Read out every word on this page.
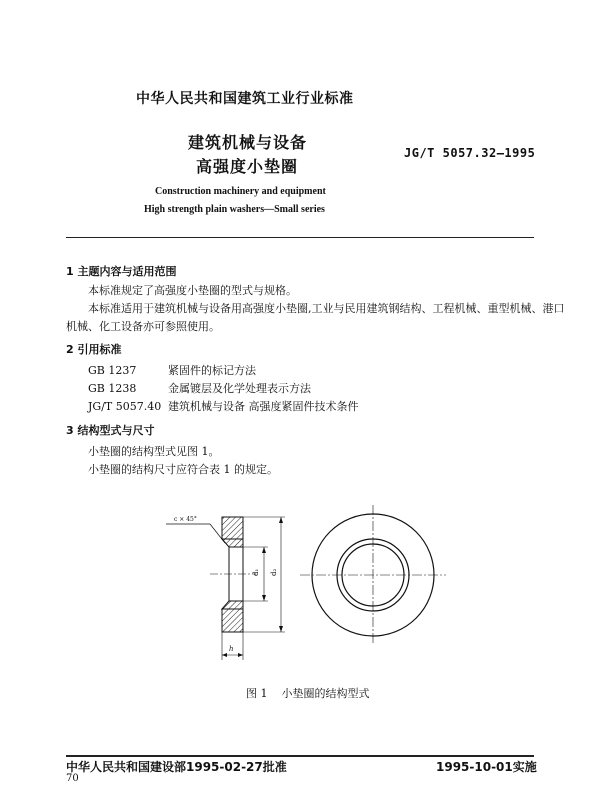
中华人民共和国建筑工业行业标准
建筑机械与设备
高强度小垫圈
JG/T 5057.32—1995
Construction machinery and equipment
High strength plain washers—Small series
1 主题内容与适用范围
本标准规定了高强度小垫圈的型式与规格。
本标准适用于建筑机械与设备用高强度小垫圈,工业与民用建筑钢结构、工程机械、重型机械、港口
机械、化工设备亦可参照使用。
2 引用标准
GB 1237	紧固件的标记方法
GB 1238	金属镀层及化学处理表示方法
JG/T 5057.40 建筑机械与设备 高强度紧固件技术条件
3 结构型式与尺寸
小垫圈的结构型式见图 1。
小垫圈的结构尺寸应符合表 1 的规定。
c × 45°
d₁ d₂
h
图 1 小垫圈的结构型式
中华人民共和国建设部1995-02-27批准	1995-10-01实施
70
